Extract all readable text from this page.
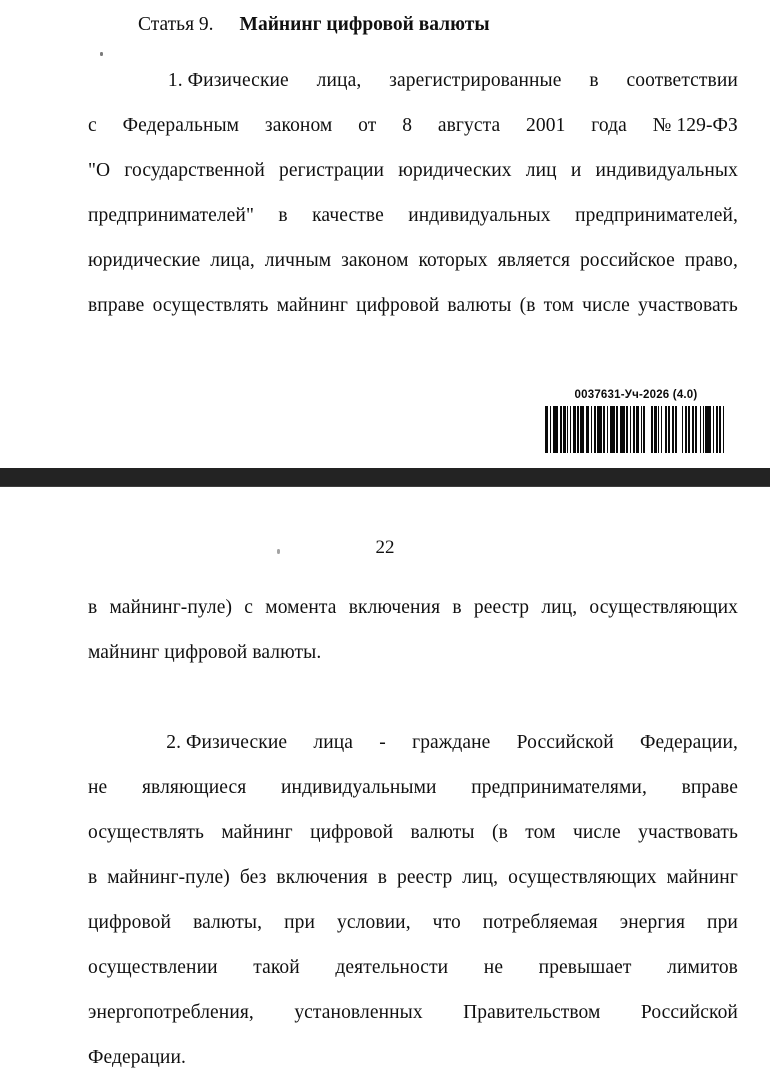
Статья 9. Майнинг цифровой валюты
1. Физические лица, зарегистрированные в соответствии
с Федеральным законом от 8 августа 2001 года № 129-ФЗ
"О государственной регистрации юридических лиц и индивидуальных
предпринимателей" в качестве индивидуальных предпринимателей,
юридические лица, личным законом которых является российское право,
вправе осуществлять майнинг цифровой валюты (в том числе участвовать
0037631-Уч-2026 (4.0)
22
в майнинг-пуле) с момента включения в реестр лиц, осуществляющих
майнинг цифровой валюты.
2. Физические лица - граждане Российской Федерации,
не являющиеся индивидуальными предпринимателями, вправе
осуществлять майнинг цифровой валюты (в том числе участвовать
в майнинг-пуле) без включения в реестр лиц, осуществляющих майнинг
цифровой валюты, при условии, что потребляемая энергия при
осуществлении такой деятельности не превышает лимитов
энергопотребления, установленных Правительством Российской
Федерации.
